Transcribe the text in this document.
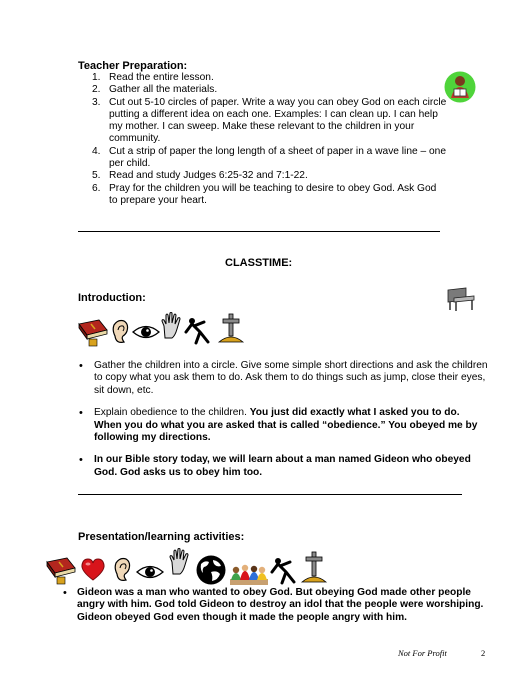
Teacher Preparation:
1. Read the entire lesson.
2. Gather all the materials.
3. Cut out 5-10 circles of paper. Write a way you can obey God on each circle putting a different idea on each one. Examples: I can clean up. I can help my mother. I can sweep. Make these relevant to the children in your community.
4. Cut a strip of paper the long length of a sheet of paper in a wave line – one per child.
5. Read and study Judges 6:25-32 and 7:1-22.
6. Pray for the children you will be teaching to desire to obey God. Ask God to prepare your heart.
CLASSTIME:
Introduction:
• Gather the children into a circle. Give some simple short directions and ask the children to copy what you ask them to do. Ask them to do things such as jump, close their eyes, sit down, etc.
• Explain obedience to the children. You just did exactly what I asked you to do. When you do what you are asked that is called “obedience.” You obeyed me by following my directions.
• In our Bible story today, we will learn about a man named Gideon who obeyed God. God asks us to obey him too.
Presentation/learning activities:
• Gideon was a man who wanted to obey God. But obeying God made other people angry with him. God told Gideon to destroy an idol that the people were worshiping. Gideon obeyed God even though it made the people angry with him.
Not For Profit	2
